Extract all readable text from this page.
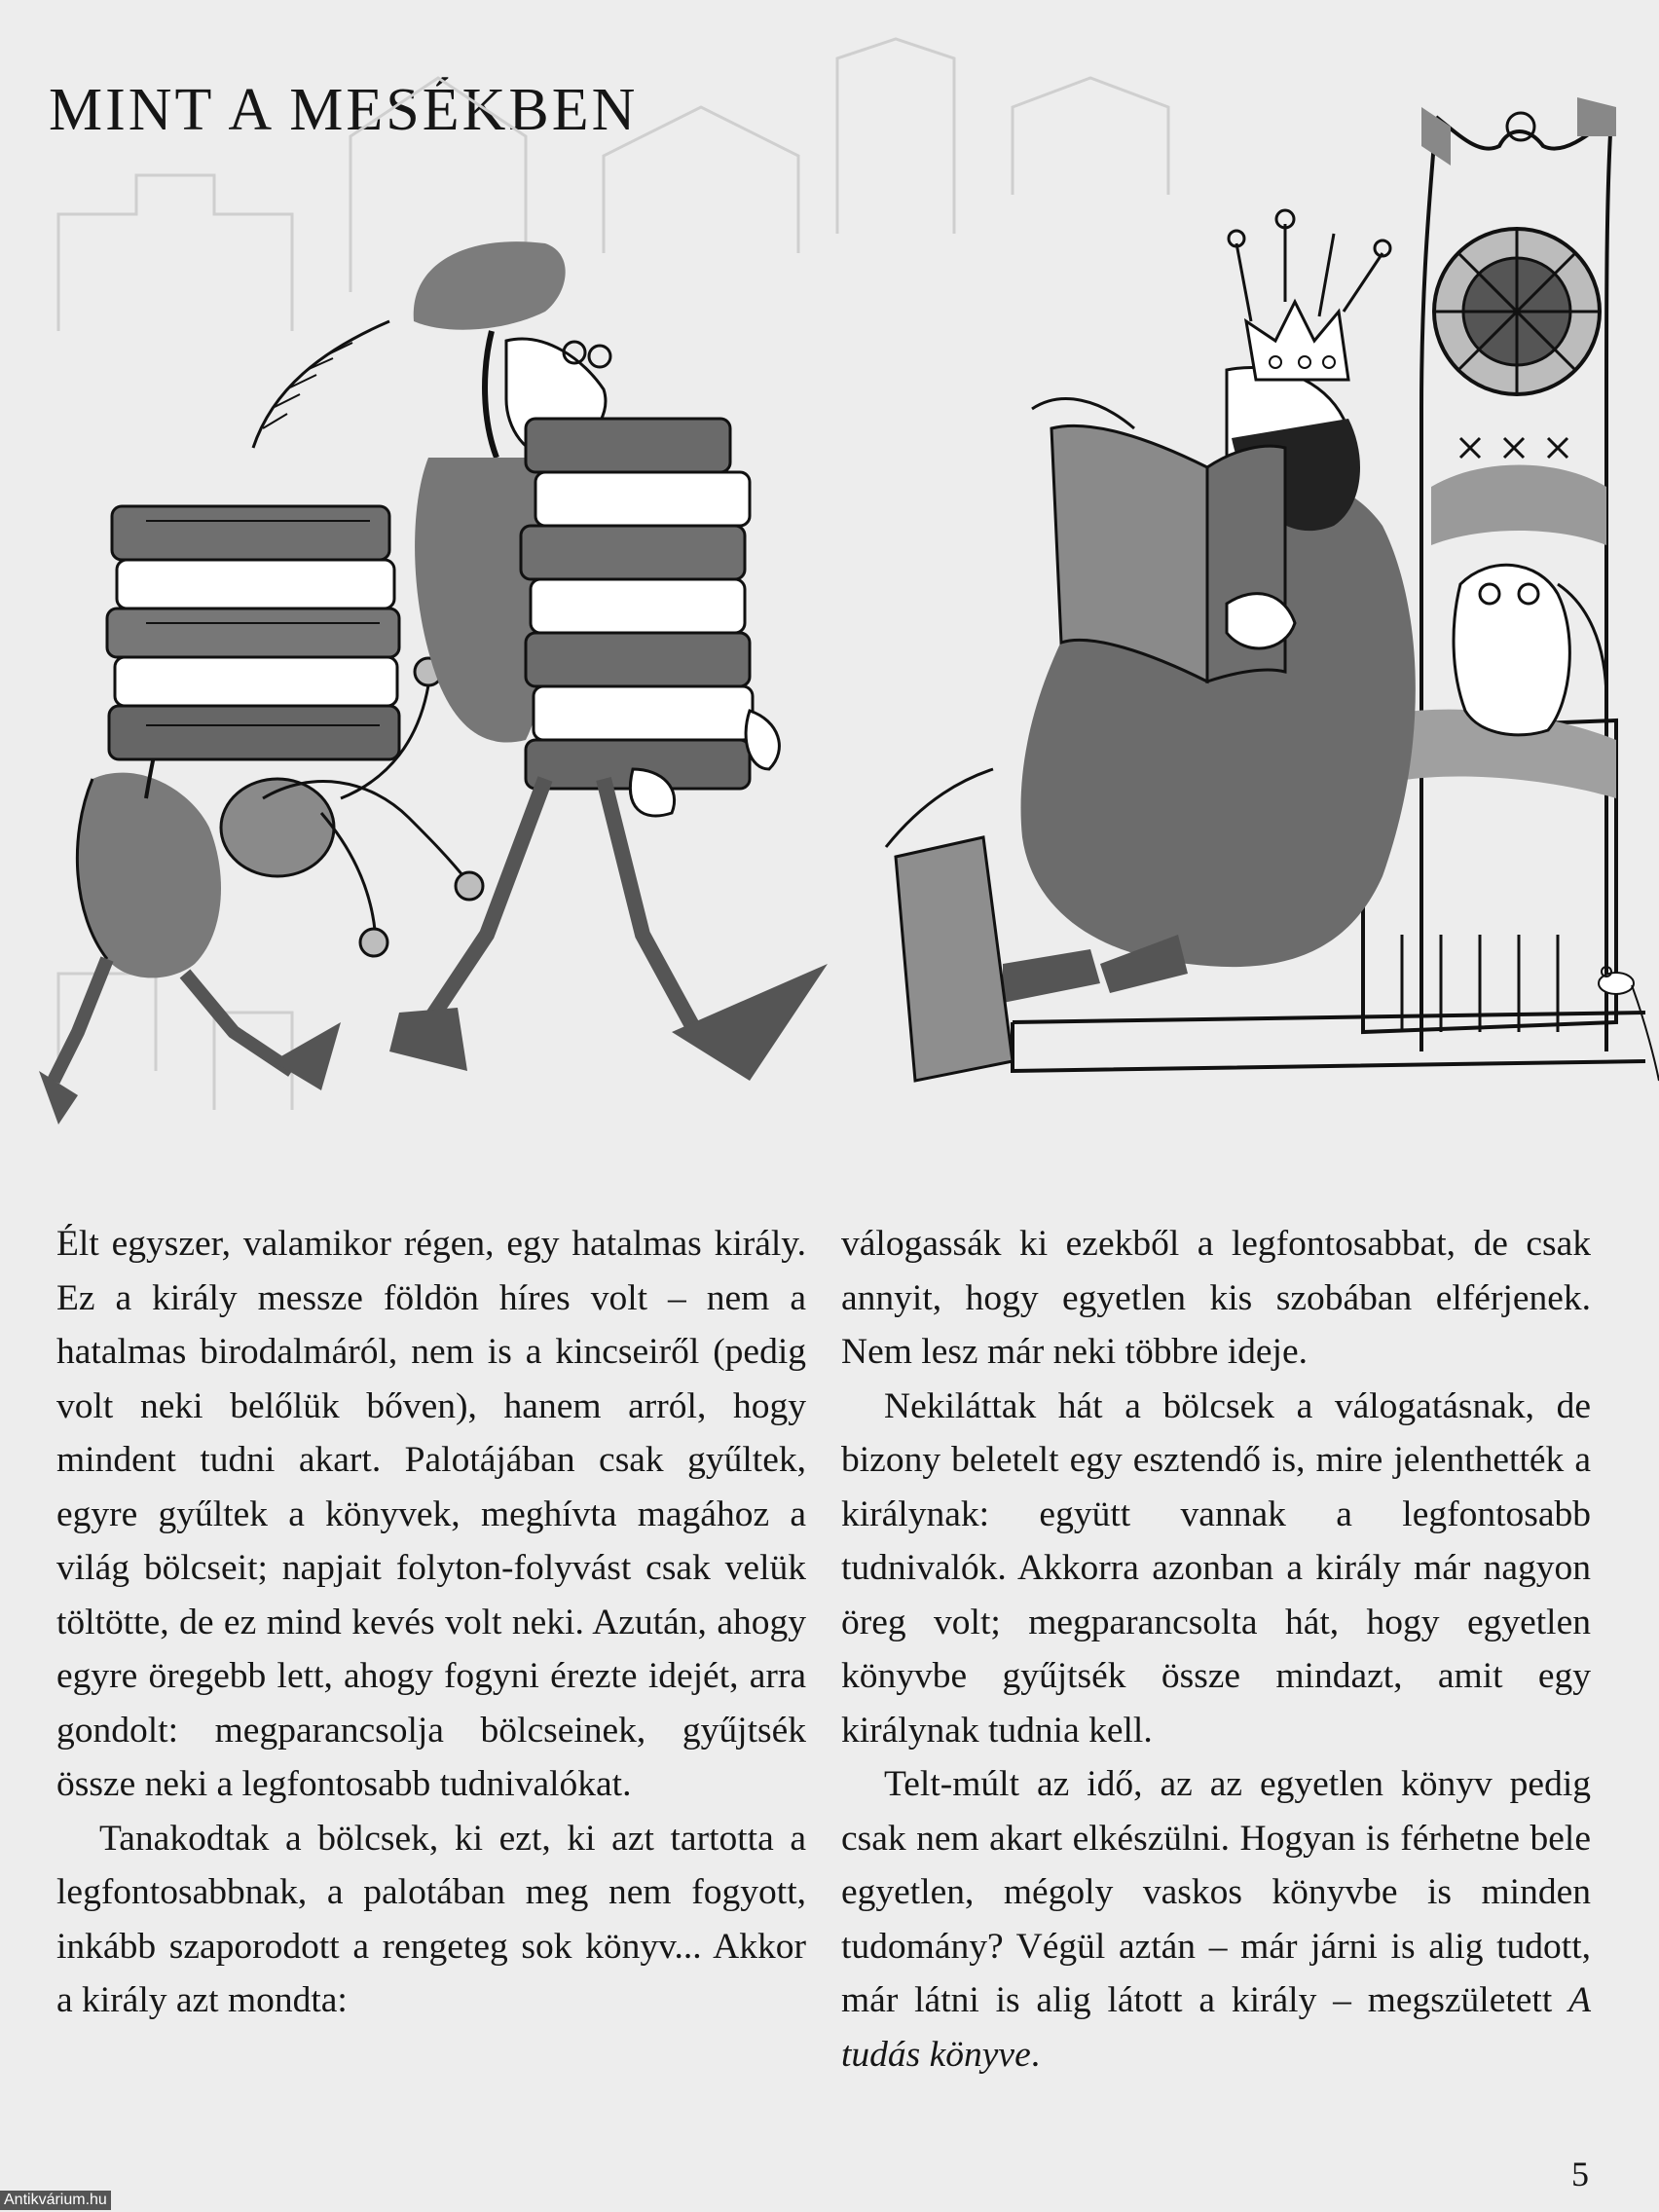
MINT A MESÉKBEN

Élt egyszer, valamikor régen, egy hatalmas király. Ez a király messze földön híres volt – nem a hatalmas birodalmáról, nem is a kincseiről (pedig volt neki belőlük bőven), hanem arról, hogy mindent tudni akart. Palotájában csak gyűltek, egyre gyűltek a könyvek, meghívta magához a világ bölcseit; napjait folyton-folyvást csak velük töltötte, de ez mind kevés volt neki. Azután, ahogy egyre öregebb lett, ahogy fogyni érezte idejét, arra gondolt: megparancsolja bölcseinek, gyűjtsék össze neki a legfontosabb tudnivalókat.

Tanakodtak a bölcsek, ki ezt, ki azt tartotta a legfontosabbnak, a palotában meg nem fogyott, inkább szaporodott a rengeteg sok könyv... Akkor a király azt mondta:

válogassák ki ezekből a legfontosabbat, de csak annyit, hogy egyetlen kis szobában elférjenek. Nem lesz már neki többre ideje.

Nekiláttak hát a bölcsek a válogatásnak, de bizony beletelt egy esztendő is, mire jelenthették a királynak: együtt vannak a legfontosabb tudnivalók. Akkorra azonban a király már nagyon öreg volt; megparancsolta hát, hogy egyetlen könyvbe gyűjtsék össze mindazt, amit egy királynak tudnia kell.

Telt-múlt az idő, az az egyetlen könyv pedig csak nem akart elkészülni. Hogyan is férhetne bele egyetlen, mégoly vaskos könyvbe is minden tudomány? Végül aztán – már járni is alig tudott, már látni is alig látott a király – megszületett A tudás könyve.

5
Antikvárium.hu
